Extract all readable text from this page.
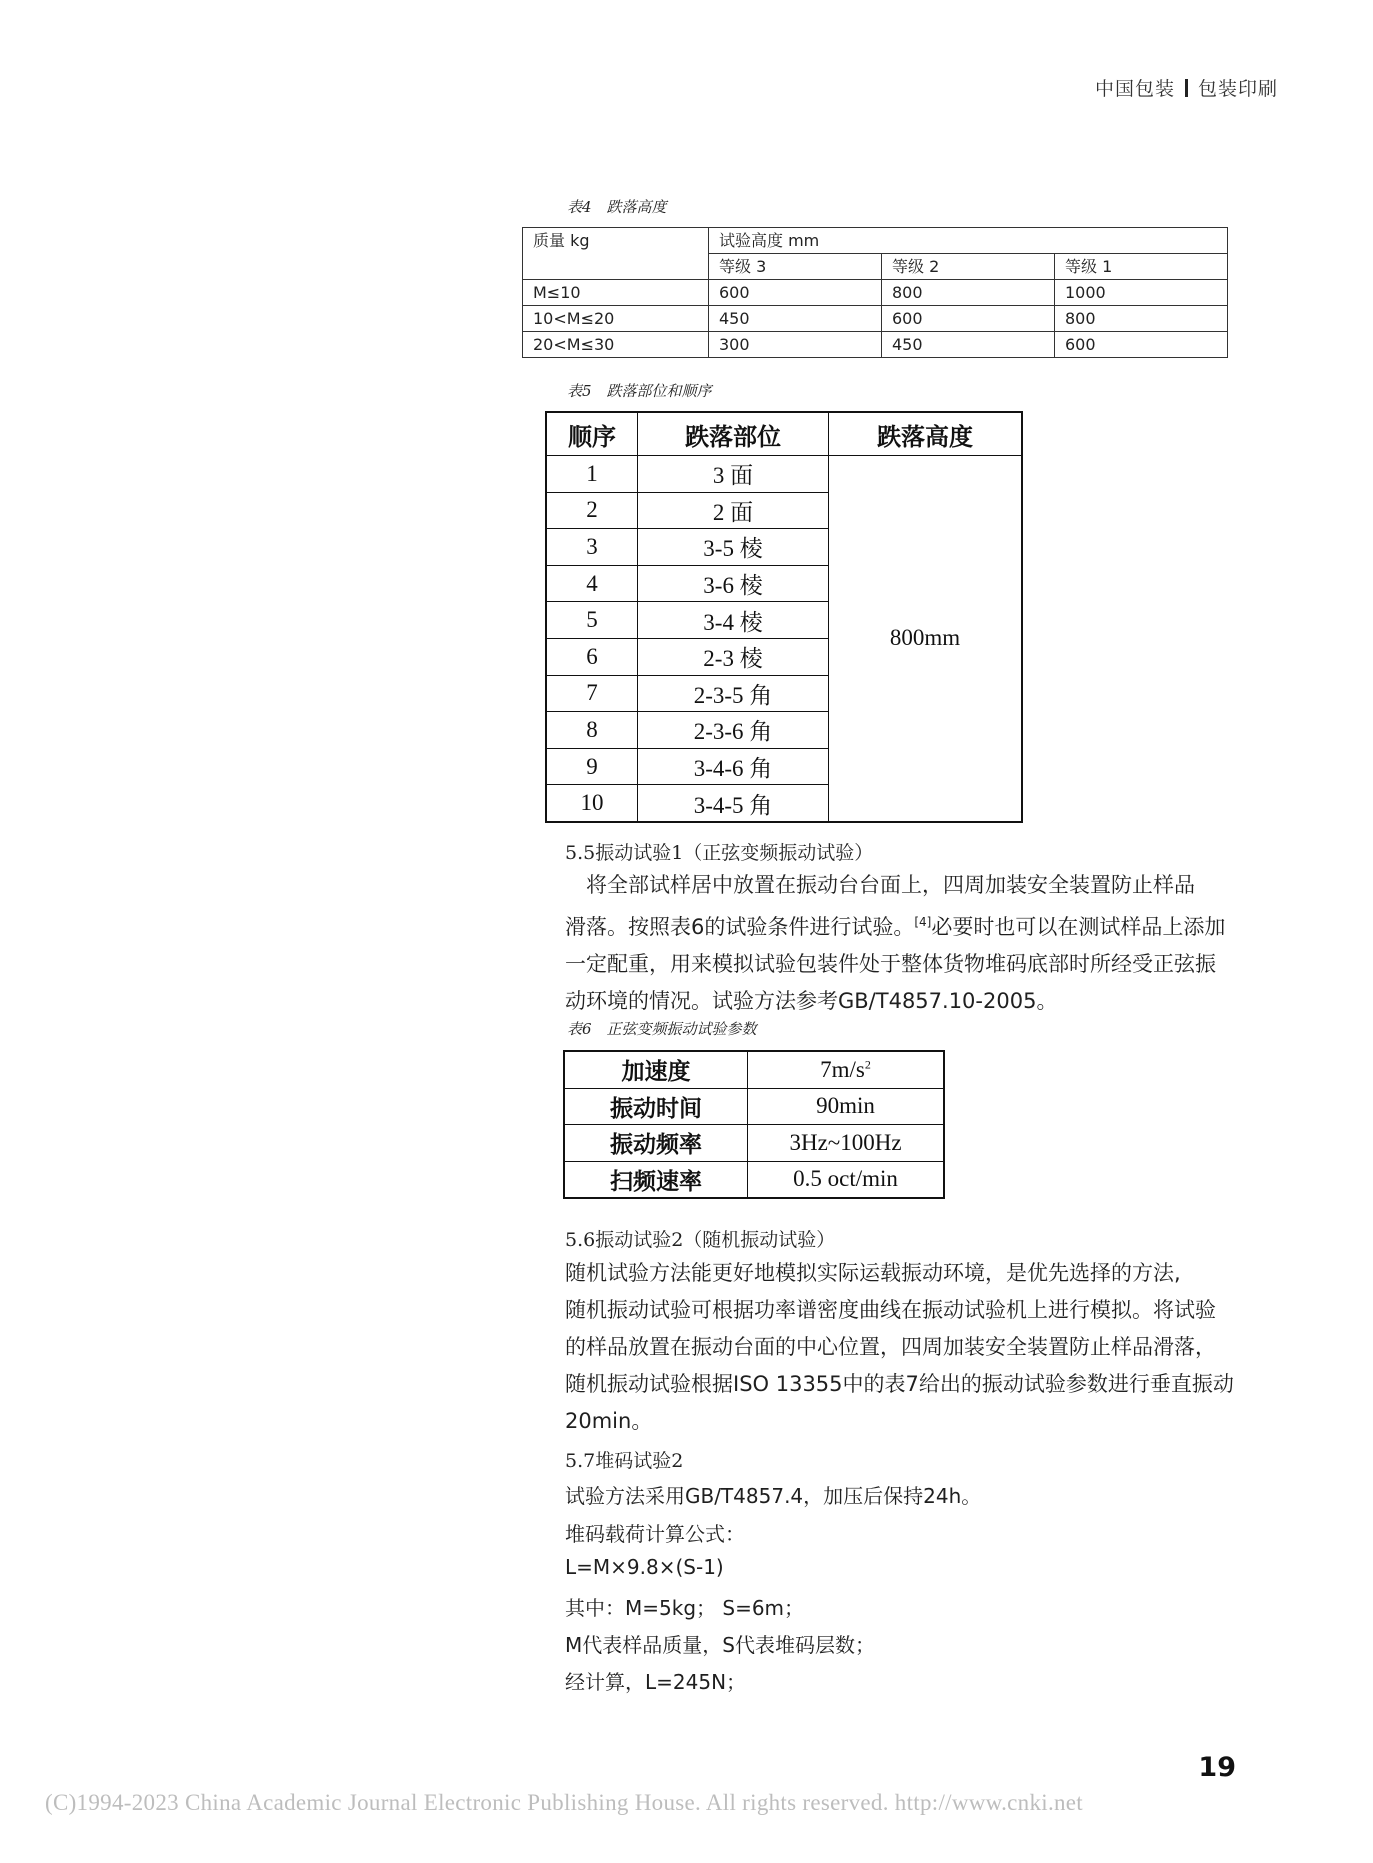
中国包装 包装印刷
表4　跌落高度
质量 kg	试验高度 mm		
	等级 3	等级 2	等级 1
M≤10	600	800	1000
10<M≤20	450	600	800
20<M≤30	300	450	600
表5　跌落部位和顺序
顺序	跌落部位	跌落高度
1	3 面	800mm
2	2 面	
3	3-5 棱	
4	3-6 棱	
5	3-4 棱	
6	2-3 棱	
7	2-3-5 角	
8	2-3-6 角	
9	3-4-6 角	
10	3-4-5 角	
5.5振动试验1（正弦变频振动试验）

将全部试样居中放置在振动台台面上，四周加装安全装置防止样品

滑落。按照表6的试验条件进行试验。[4]必要时也可以在测试样品上添加

一定配重，用来模拟试验包装件处于整体货物堆码底部时所经受正弦振

动环境的情况。试验方法参考GB/T4857.10-2005。

表6　正弦变频振动试验参数
加速度	$7m/s^2$
振动时间	90min
振动频率	3Hz~100Hz
扫频速率	0.5 oct/min
5.6振动试验2（随机振动试验）

随机试验方法能更好地模拟实际运载振动环境，是优先选择的方法,

随机振动试验可根据功率谱密度曲线在振动试验机上进行模拟。将试验

的样品放置在振动台面的中心位置，四周加装安全装置防止样品滑落，

随机振动试验根据ISO 13355中的表7给出的振动试验参数进行垂直振动

20min。

5.7堆码试验2
试验方法采用GB/T4857.4，加压后保持24h。
堆码载荷计算公式：
L=M×9.8×(S-1)
其中：M=5kg； S=6m；
M代表样品质量，S代表堆码层数；
经计算，L=245N；
19
(C)1994-2023 China Academic Journal Electronic Publishing House. All rights reserved. http://www.cnki.net
